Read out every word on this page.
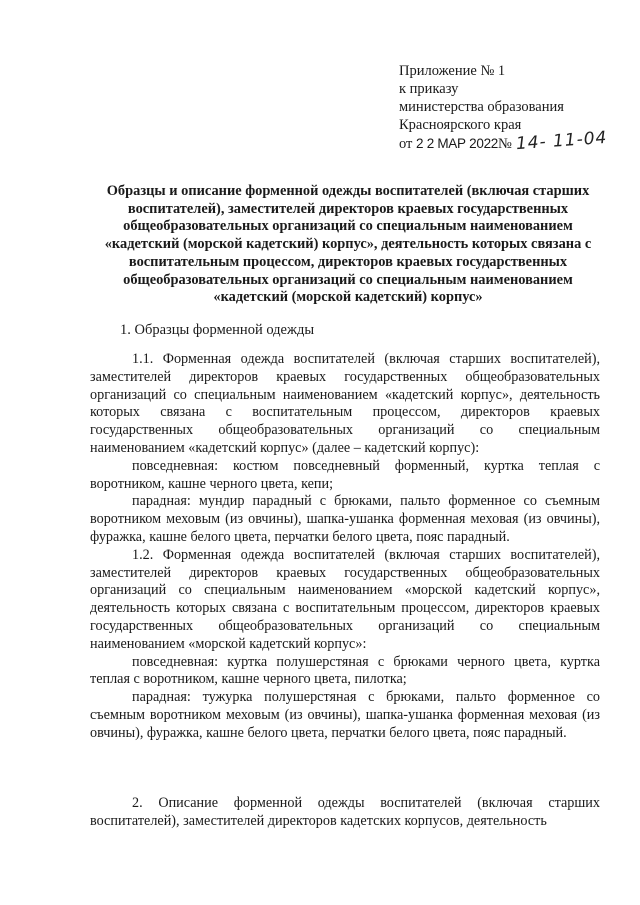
Приложение № 1
к приказу
министерства образования
Красноярского края
от 2 2 МАР 2022№ 14- 11-04
Образцы и описание форменной одежды воспитателей (включая старших воспитателей), заместителей директоров краевых государственных общеобразовательных организаций со специальным наименованием «кадетский (морской кадетский) корпус», деятельность которых связана с воспитательным процессом, директоров краевых государственных общеобразовательных организаций со специальным наименованием «кадетский (морской кадетский) корпус»
1. Образцы форменной одежды

1.1. Форменная одежда воспитателей (включая старших воспитателей), заместителей директоров краевых государственных общеобразовательных организаций со специальным наименованием «кадетский корпус», деятельность которых связана с воспитательным процессом, директоров краевых государственных общеобразовательных организаций со специальным наименованием «кадетский корпус» (далее – кадетский корпус):

повседневная: костюм повседневный форменный, куртка теплая с воротником, кашне черного цвета, кепи;

парадная: мундир парадный с брюками, пальто форменное со съемным воротником меховым (из овчины), шапка-ушанка форменная меховая (из овчины), фуражка, кашне белого цвета, перчатки белого цвета, пояс парадный.

1.2. Форменная одежда воспитателей (включая старших воспитателей), заместителей директоров краевых государственных общеобразовательных организаций со специальным наименованием «морской кадетский корпус», деятельность которых связана с воспитательным процессом, директоров краевых государственных общеобразовательных организаций со специальным наименованием «морской кадетский корпус»:

повседневная: куртка полушерстяная с брюками черного цвета, куртка теплая с воротником, кашне черного цвета, пилотка;

парадная: тужурка полушерстяная с брюками, пальто форменное со съемным воротником меховым (из овчины), шапка-ушанка форменная меховая (из овчины), фуражка, кашне белого цвета, перчатки белого цвета, пояс парадный.

2. Описание форменной одежды воспитателей (включая старших воспитателей), заместителей директоров кадетских корпусов, деятельность
